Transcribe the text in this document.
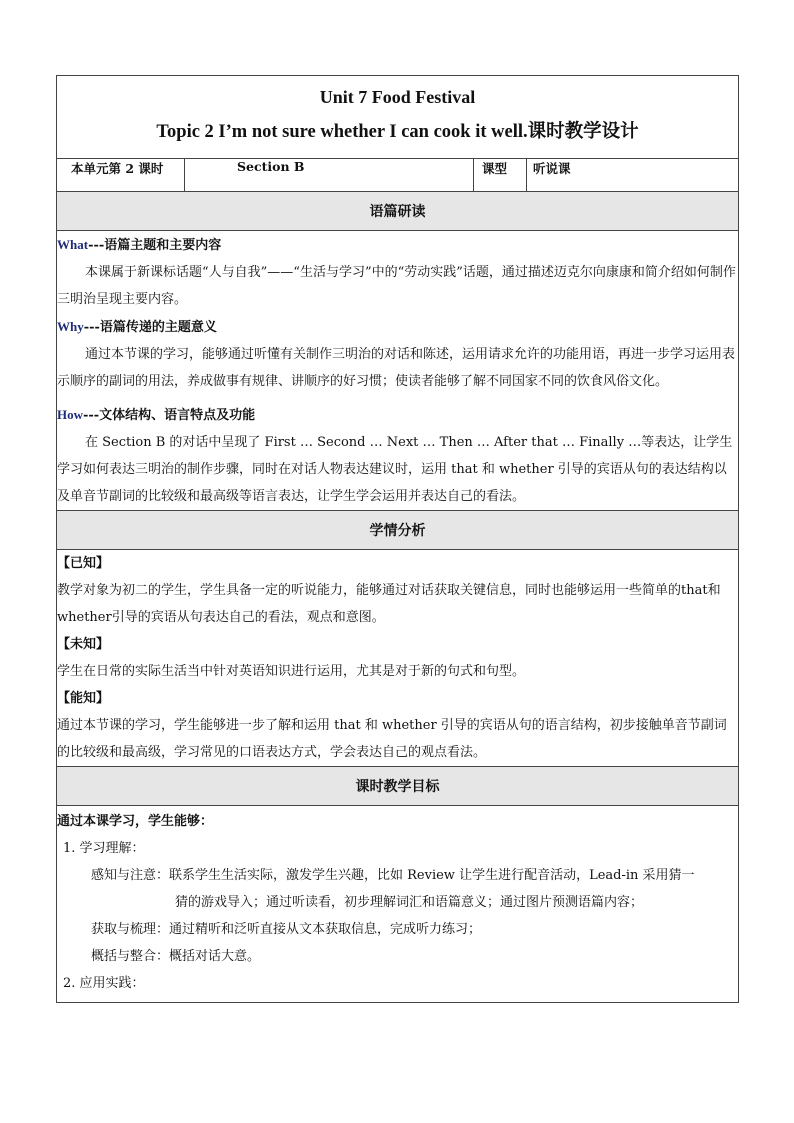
Unit 7 Food Festival
Topic 2 I’m not sure whether I can cook it well.课时教学设计

本单元第 2 课时	Section B	课型	听说课
语篇研读

What---语篇主题和主要内容

本课属于新课标话题“人与自我”——“生活与学习”中的“劳动实践”话题，通过描述迈克尔向康康和简介绍如何制作三明治呈现主要内容。

Why---语篇传递的主题意义

通过本节课的学习，能够通过听懂有关制作三明治的对话和陈述，运用请求允许的功能用语，再进一步学习运用表示顺序的副词的用法，养成做事有规律、讲顺序的好习惯；使读者能够了解不同国家不同的饮食风俗文化。

How---文体结构、语言特点及功能

在 Section B 的对话中呈现了 First … Second … Next … Then … After that … Finally …等表达，让学生学习如何表达三明治的制作步骤，同时在对话人物表达建议时，运用 that 和 whether 引导的宾语从句的表达结构以及单音节副词的比较级和最高级等语言表达，让学生学会运用并表达自己的看法。

学情分析

【已知】

教学对象为初二的学生，学生具备一定的听说能力，能够通过对话获取关键信息，同时也能够运用一些简单的that和whether引导的宾语从句表达自己的看法，观点和意图。

【未知】

学生在日常的实际生活当中针对英语知识进行运用，尤其是对于新的句式和句型。

【能知】

通过本节课的学习，学生能够进一步了解和运用 that 和 whether 引导的宾语从句的语言结构，初步接触单音节副词的比较级和最高级，学习常见的口语表达方式，学会表达自己的观点看法。

课时教学目标

通过本课学习，学生能够：

1. 学习理解：

感知与注意：联系学生生活实际，激发学生兴趣，比如 Review 让学生进行配音活动，Lead-in 采用猜一

猜的游戏导入；通过听读看，初步理解词汇和语篇意义；通过图片预测语篇内容；

获取与梳理：通过精听和泛听直接从文本获取信息，完成听力练习；

概括与整合：概括对话大意。

2. 应用实践：
